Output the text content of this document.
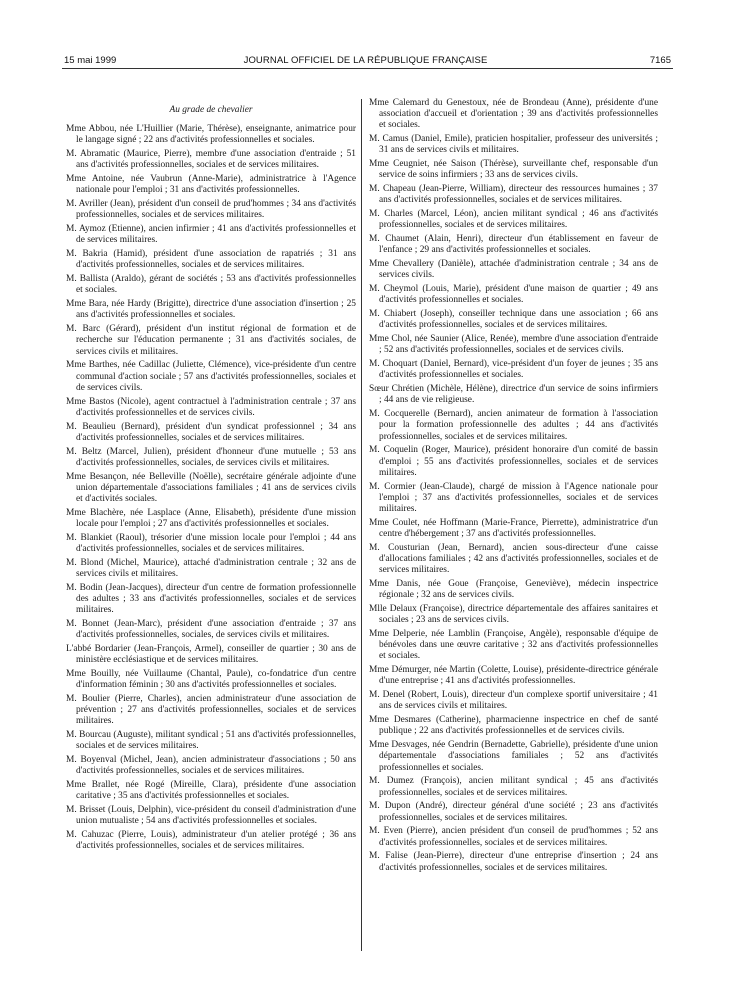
15 mai 1999	JOURNAL OFFICIEL DE LA RÉPUBLIQUE FRANÇAISE	7165

Au grade de chevalier

Mme Abbou, née L'Huillier (Marie, Thérèse), enseignante, animatrice pour le langage signé ; 22 ans d'activités professionnelles et sociales.

M. Abramatic (Maurice, Pierre), membre d'une association d'entraide ; 51 ans d'activités professionnelles, sociales et de services militaires.

Mme Antoine, née Vaubrun (Anne-Marie), administratrice à l'Agence nationale pour l'emploi ; 31 ans d'activités professionnelles.

M. Avriller (Jean), président d'un conseil de prud'hommes ; 34 ans d'activités professionnelles, sociales et de services militaires.

M. Aymoz (Etienne), ancien infirmier ; 41 ans d'activités professionnelles et de services militaires.

M. Bakria (Hamid), président d'une association de rapatriés ; 31 ans d'activités professionnelles, sociales et de services militaires.

M. Ballista (Araldo), gérant de sociétés ; 53 ans d'activités professionnelles et sociales.

Mme Bara, née Hardy (Brigitte), directrice d'une association d'insertion ; 25 ans d'activités professionnelles et sociales.

M. Barc (Gérard), président d'un institut régional de formation et de recherche sur l'éducation permanente ; 31 ans d'activités sociales, de services civils et militaires.

Mme Barthes, née Cadillac (Juliette, Clémence), vice-présidente d'un centre communal d'action sociale ; 57 ans d'activités professionnelles, sociales et de services civils.

Mme Bastos (Nicole), agent contractuel à l'administration centrale ; 37 ans d'activités professionnelles et de services civils.

M. Beaulieu (Bernard), président d'un syndicat professionnel ; 34 ans d'activités professionnelles, sociales et de services militaires.

M. Beltz (Marcel, Julien), président d'honneur d'une mutuelle ; 53 ans d'activités professionnelles, sociales, de services civils et militaires.

Mme Besançon, née Belleville (Noëlle), secrétaire générale adjointe d'une union départementale d'associations familiales ; 41 ans de services civils et d'activités sociales.

Mme Blachère, née Lasplace (Anne, Elisabeth), présidente d'une mission locale pour l'emploi ; 27 ans d'activités professionnelles et sociales.

M. Blankiet (Raoul), trésorier d'une mission locale pour l'emploi ; 44 ans d'activités professionnelles, sociales et de services militaires.

M. Blond (Michel, Maurice), attaché d'administration centrale ; 32 ans de services civils et militaires.

M. Bodin (Jean-Jacques), directeur d'un centre de formation professionnelle des adultes ; 33 ans d'activités professionnelles, sociales et de services militaires.

M. Bonnet (Jean-Marc), président d'une association d'entraide ; 37 ans d'activités professionnelles, sociales, de services civils et militaires.

L'abbé Bordarier (Jean-François, Armel), conseiller de quartier ; 30 ans de ministère ecclésiastique et de services militaires.

Mme Bouilly, née Vuillaume (Chantal, Paule), co-fondatrice d'un centre d'information féminin ; 30 ans d'activités professionnelles et sociales.

M. Boulier (Pierre, Charles), ancien administrateur d'une association de prévention ; 27 ans d'activités professionnelles, sociales et de services militaires.

M. Bourcau (Auguste), militant syndical ; 51 ans d'activités professionnelles, sociales et de services militaires.

M. Boyenval (Michel, Jean), ancien administrateur d'associations ; 50 ans d'activités professionnelles, sociales et de services militaires.

Mme Brallet, née Rogé (Mireille, Clara), présidente d'une association caritative ; 35 ans d'activités professionnelles et sociales.

M. Brisset (Louis, Delphin), vice-président du conseil d'administration d'une union mutualiste ; 54 ans d'activités professionnelles et sociales.

M. Cahuzac (Pierre, Louis), administrateur d'un atelier protégé ; 36 ans d'activités professionnelles, sociales et de services militaires.

Mme Calemard du Genestoux, née de Brondeau (Anne), présidente d'une association d'accueil et d'orientation ; 39 ans d'activités professionnelles et sociales.

M. Camus (Daniel, Emile), praticien hospitalier, professeur des universités ; 31 ans de services civils et militaires.

Mme Ceugniet, née Saison (Thérèse), surveillante chef, responsable d'un service de soins infirmiers ; 33 ans de services civils.

M. Chapeau (Jean-Pierre, William), directeur des ressources humaines ; 37 ans d'activités professionnelles, sociales et de services militaires.

M. Charles (Marcel, Léon), ancien militant syndical ; 46 ans d'activités professionnelles, sociales et de services militaires.

M. Chaumet (Alain, Henri), directeur d'un établissement en faveur de l'enfance ; 29 ans d'activités professionnelles et sociales.

Mme Chevallery (Danièle), attachée d'administration centrale ; 34 ans de services civils.

M. Cheymol (Louis, Marie), président d'une maison de quartier ; 49 ans d'activités professionnelles et sociales.

M. Chiabert (Joseph), conseiller technique dans une association ; 66 ans d'activités professionnelles, sociales et de services militaires.

Mme Chol, née Saunier (Alice, Renée), membre d'une association d'entraide ; 52 ans d'activités professionnelles, sociales et de services civils.

M. Choquart (Daniel, Bernard), vice-président d'un foyer de jeunes ; 35 ans d'activités professionnelles et sociales.

Sœur Chrétien (Michèle, Hélène), directrice d'un service de soins infirmiers ; 44 ans de vie religieuse.

M. Cocquerelle (Bernard), ancien animateur de formation à l'association pour la formation professionnelle des adultes ; 44 ans d'activités professionnelles, sociales et de services militaires.

M. Coquelin (Roger, Maurice), président honoraire d'un comité de bassin d'emploi ; 55 ans d'activités professionnelles, sociales et de services militaires.

M. Cormier (Jean-Claude), chargé de mission à l'Agence nationale pour l'emploi ; 37 ans d'activités professionnelles, sociales et de services militaires.

Mme Coulet, née Hoffmann (Marie-France, Pierrette), administratrice d'un centre d'hébergement ; 37 ans d'activités professionnelles.

M. Cousturian (Jean, Bernard), ancien sous-directeur d'une caisse d'allocations familiales ; 42 ans d'activités professionnelles, sociales et de services militaires.

Mme Danis, née Goue (Françoise, Geneviève), médecin inspectrice régionale ; 32 ans de services civils.

Mlle Delaux (Françoise), directrice départementale des affaires sanitaires et sociales ; 23 ans de services civils.

Mme Delperie, née Lamblin (Françoise, Angèle), responsable d'équipe de bénévoles dans une œuvre caritative ; 32 ans d'activités professionnelles et sociales.

Mme Démurger, née Martin (Colette, Louise), présidente-directrice générale d'une entreprise ; 41 ans d'activités professionnelles.

M. Denel (Robert, Louis), directeur d'un complexe sportif universitaire ; 41 ans de services civils et militaires.

Mme Desmares (Catherine), pharmacienne inspectrice en chef de santé publique ; 22 ans d'activités professionnelles et de services civils.

Mme Desvages, née Gendrin (Bernadette, Gabrielle), présidente d'une union départementale d'associations familiales ; 52 ans d'activités professionnelles et sociales.

M. Dumez (François), ancien militant syndical ; 45 ans d'activités professionnelles, sociales et de services militaires.

M. Dupon (André), directeur général d'une société ; 23 ans d'activités professionnelles, sociales et de services militaires.

M. Even (Pierre), ancien président d'un conseil de prud'hommes ; 52 ans d'activités professionnelles, sociales et de services militaires.

M. Falise (Jean-Pierre), directeur d'une entreprise d'insertion ; 24 ans d'activités professionnelles, sociales et de services militaires.
